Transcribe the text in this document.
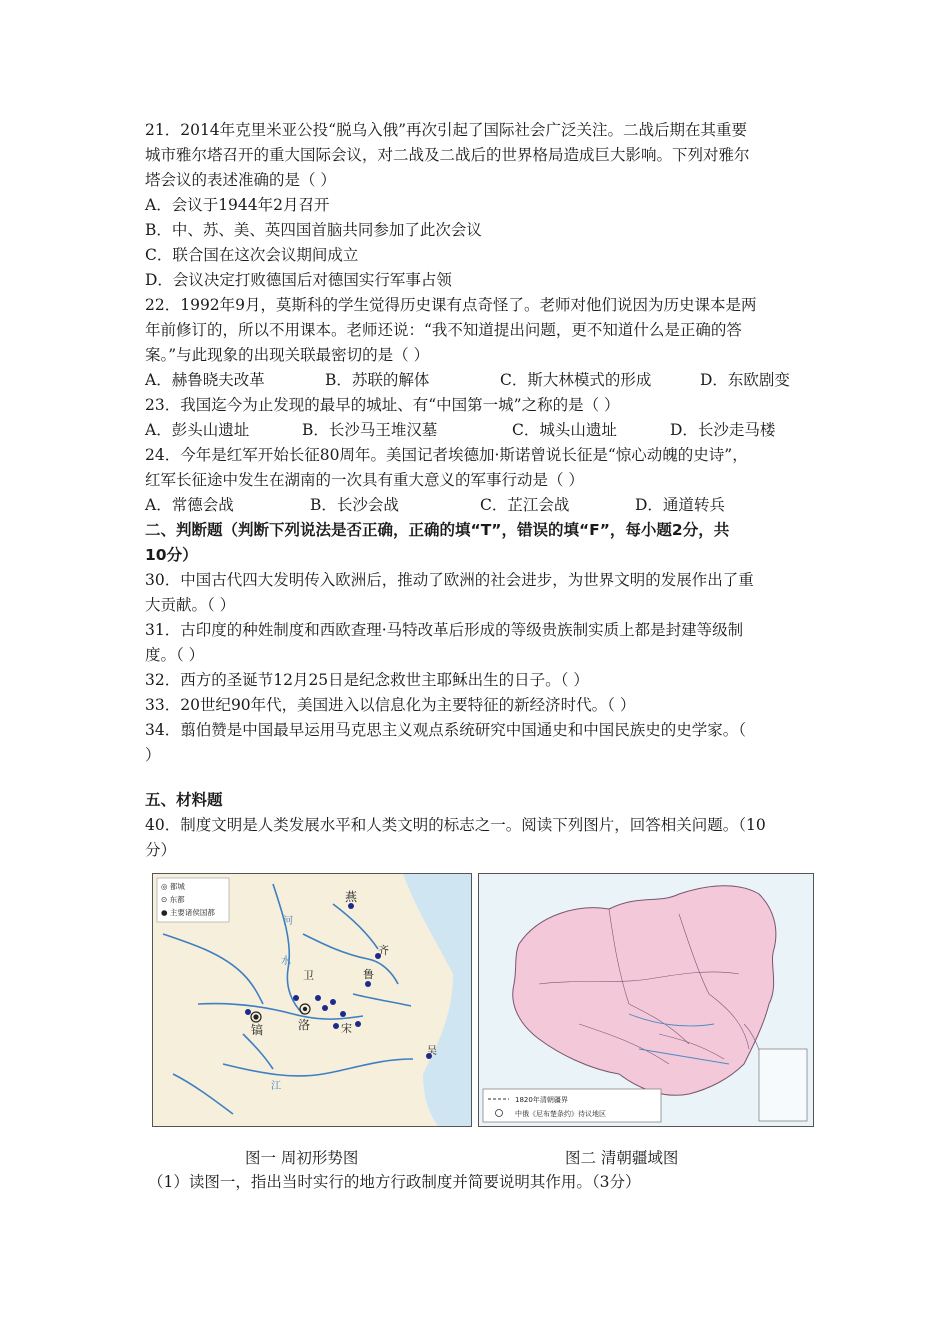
21．2014年克里米亚公投“脱乌入俄”再次引起了国际社会广泛关注。二战后期在其重要
城市雅尔塔召开的重大国际会议，对二战及二战后的世界格局造成巨大影响。下列对雅尔
塔会议的表述准确的是（ ）
A．会议于1944年2月召开
B．中、苏、美、英四国首脑共同参加了此次会议
C．联合国在这次会议期间成立
D．会议决定打败德国后对德国实行军事占领
22．1992年9月，莫斯科的学生觉得历史课有点奇怪了。老师对他们说因为历史课本是两
年前修订的，所以不用课本。老师还说：“我不知道提出问题，更不知道什么是正确的答
案。”与此现象的出现关联最密切的是（ ）
A．赫鲁晓夫改革	B．苏联的解体	C．斯大林模式的形成	D．东欧剧变
23．我国迄今为止发现的最早的城址、有“中国第一城”之称的是（ ）
A．彭头山遗址	B．长沙马王堆汉墓	C．城头山遗址	D．长沙走马楼
24．今年是红军开始长征80周年。美国记者埃德加·斯诺曾说长征是“惊心动魄的史诗”，
红军长征途中发生在湖南的一次具有重大意义的军事行动是（ ）
A．常德会战	B．长沙会战	C．芷江会战	D．通道转兵
二、判断题（判断下列说法是否正确，正确的填“T”，错误的填“F”，每小题2分，共
10分）
30．中国古代四大发明传入欧洲后，推动了欧洲的社会进步，为世界文明的发展作出了重
大贡献。（ ）
31．古印度的种姓制度和西欧查理·马特改革后形成的等级贵族制实质上都是封建等级制
度。（ ）
32．西方的圣诞节12月25日是纪念救世主耶稣出生的日子。（ ）
33．20世纪90年代，美国进入以信息化为主要特征的新经济时代。（ ）
34．翦伯赞是中国最早运用马克思主义观点系统研究中国通史和中国民族史的史学家。（
）
五、材料题
40．制度文明是人类发展水平和人类文明的标志之一。阅读下列图片，回答相关问题。（10
分）
◎ 都城
⊙ 东都
● 主要诸侯国都
燕
齐
鲁
卫
宋
洛
镐
吴
河
水
江
1820年清朝疆界
中俄《尼布楚条约》待议地区
图一 周初形势图	图二 清朝疆域图
（1）读图一，指出当时实行的地方行政制度并简要说明其作用。（3分）
